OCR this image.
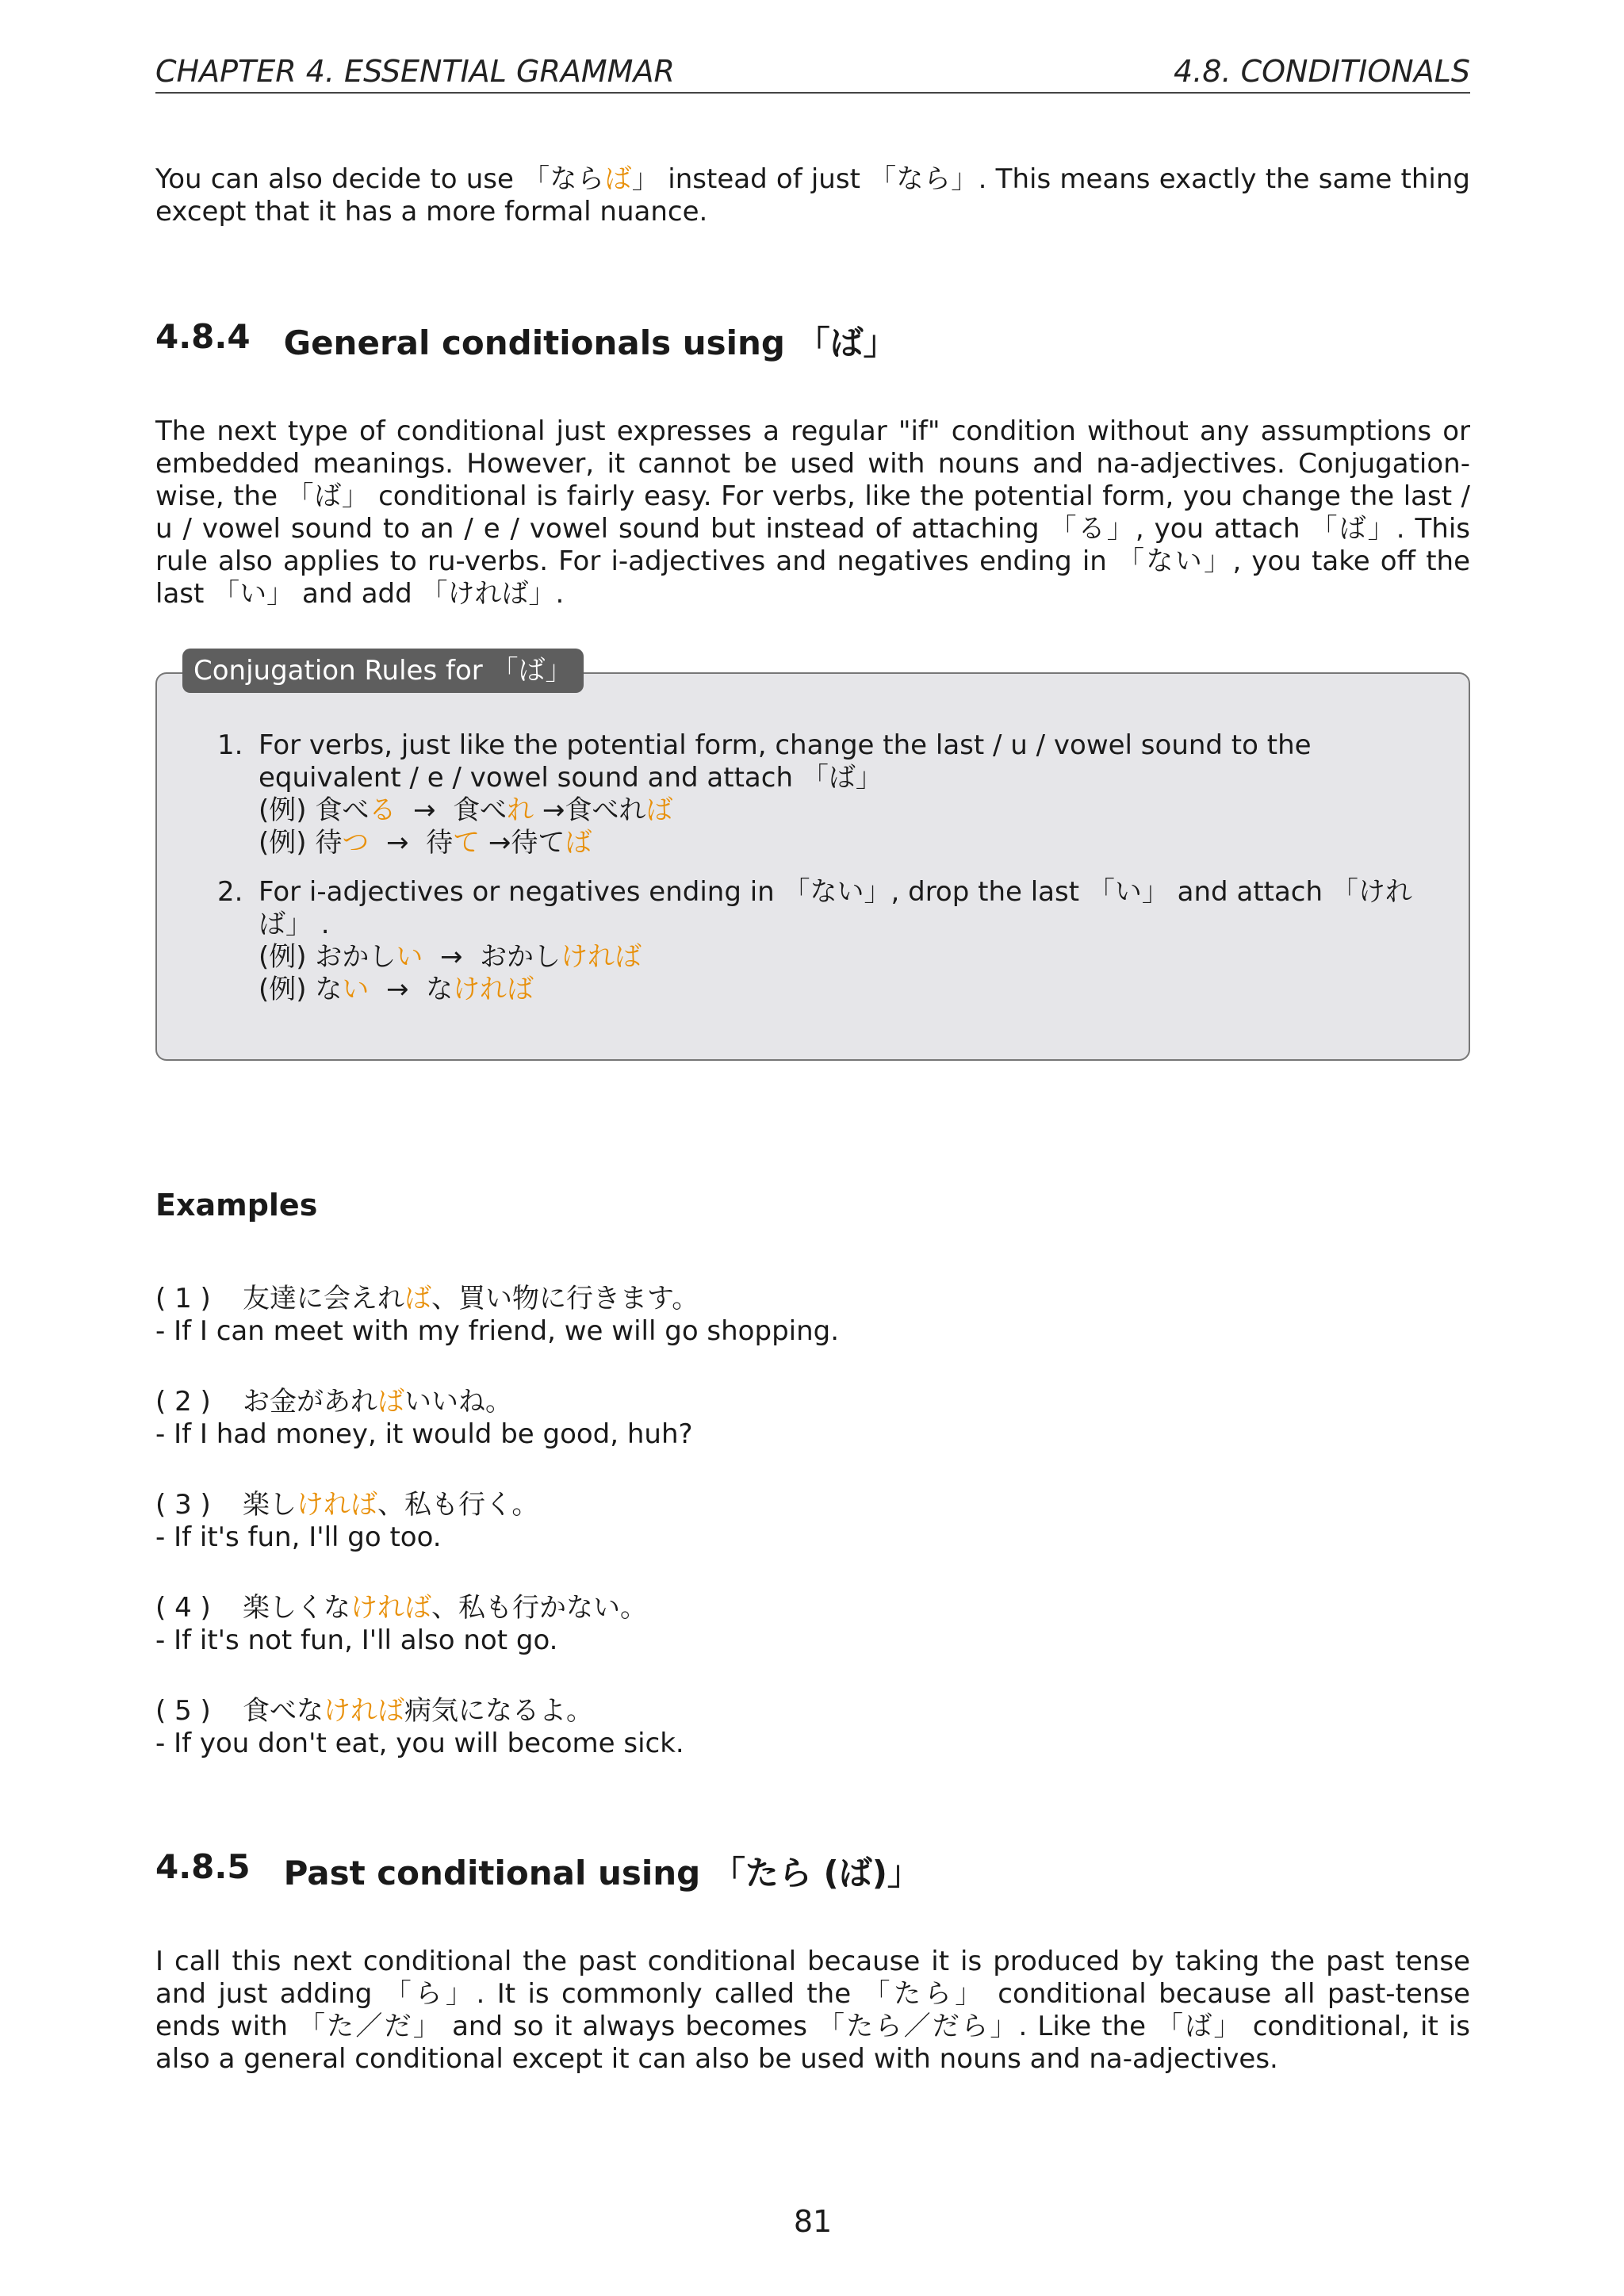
CHAPTER 4. ESSENTIAL GRAMMAR	4.8. CONDITIONALS
You can also decide to use 「ならば」 instead of just 「なら」. This means exactly the same thing except that it has a more formal nuance.
4.8.4 General conditionals using 「ば」
The next type of conditional just expresses a regular "if" condition without any assumptions or embedded meanings. However, it cannot be used with nouns and na-adjectives. Conjugation-wise, the 「ば」 conditional is fairly easy. For verbs, like the potential form, you change the last / u / vowel sound to an / e / vowel sound but instead of attaching 「る」, you attach 「ば」. This rule also applies to ru-verbs. For i-adjectives and negatives ending in 「ない」, you take off the last 「い」 and add 「ければ」.
Conjugation Rules for 「ば」
1. For verbs, just like the potential form, change the last / u / vowel sound to the equivalent / e / vowel sound and attach 「ば」
(例) 食べる  →  食べれ →食べれば
(例) 待つ  →  待て →待てば
2. For i-adjectives or negatives ending in 「ない」, drop the last 「い」 and attach 「ければ」 .
(例) おかしい  →  おかしければ
(例) ない  →  なければ
Examples
( 1 ) 友達に会えれば、買い物に行きます。
- If I can meet with my friend, we will go shopping.
( 2 ) お金があればいいね。
- If I had money, it would be good, huh?
( 3 ) 楽しければ、私も行く。
- If it's fun, I'll go too.
( 4 ) 楽しくなければ、私も行かない。
- If it's not fun, I'll also not go.
( 5 ) 食べなければ病気になるよ。
- If you don't eat, you will become sick.
4.8.5 Past conditional using 「たら (ば)」
I call this next conditional the past conditional because it is produced by taking the past tense and just adding 「ら」. It is commonly called the 「たら」 conditional because all past-tense ends with 「た／だ」 and so it always becomes 「たら／だら」. Like the 「ば」 conditional, it is also a general conditional except it can also be used with nouns and na-adjectives.
81
